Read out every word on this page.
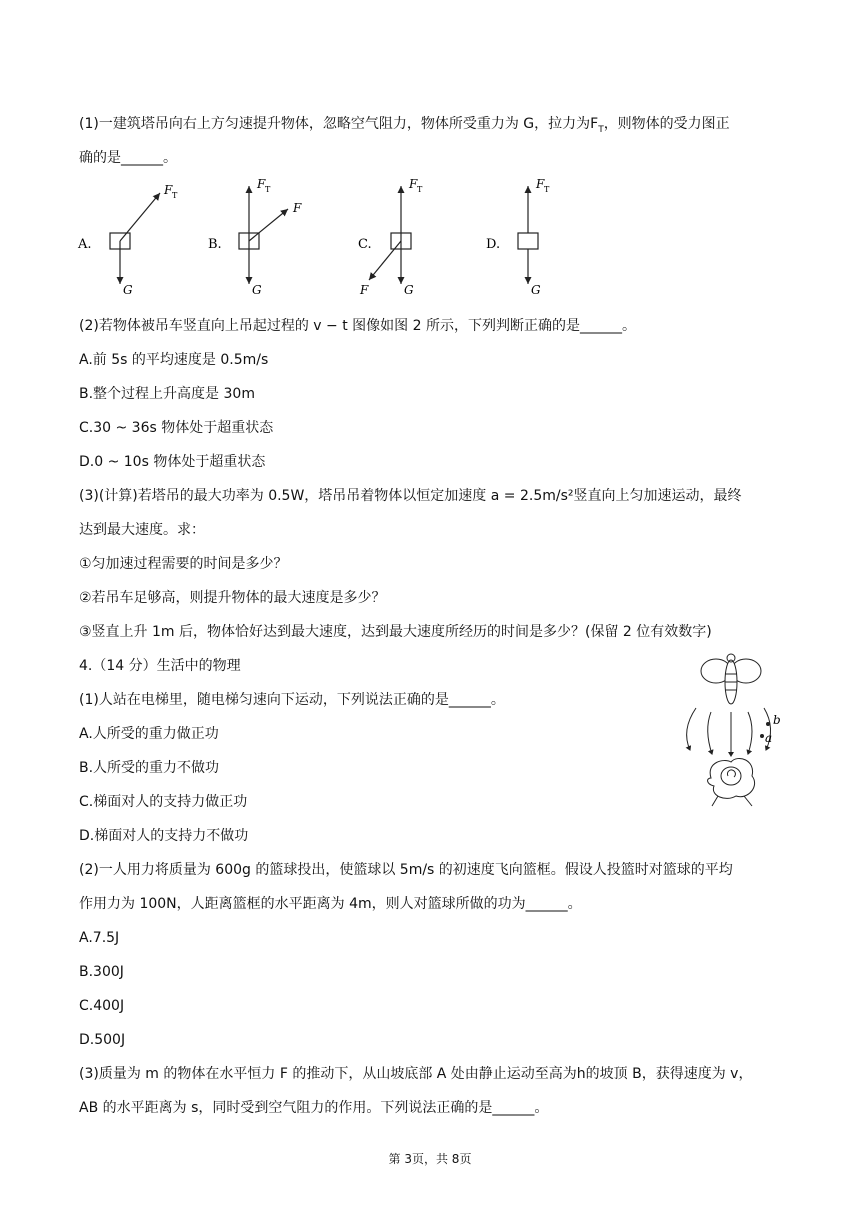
(1)一建筑塔吊向右上方匀速提升物体，忽略空气阻力，物体所受重力为 G，拉力为$F_T$，则物体的受力图正
确的是______。
A.
F T
G
B.
F T
F
G
C.
F T
F	G
D.
F T
G
(2)若物体被吊车竖直向上吊起过程的 v − t 图像如图 2 所示，下列判断正确的是______。
A.前 5s 的平均速度是 0.5m/s
B.整个过程上升高度是 30m
C.30 ~ 36s 物体处于超重状态
D.0 ~ 10s 物体处于超重状态
(3)(计算)若塔吊的最大功率为 0.5W，塔吊吊着物体以恒定加速度 a = 2.5m/s²竖直向上匀加速运动，最终
达到最大速度。求：
①匀加速过程需要的时间是多少？
②若吊车足够高，则提升物体的最大速度是多少？
③竖直上升 1m 后，物体恰好达到最大速度，达到最大速度所经历的时间是多少？(保留 2 位有效数字)
4.（14 分）生活中的物理
(1)人站在电梯里，随电梯匀速向下运动，下列说法正确的是______。
A.人所受的重力做正功
B.人所受的重力不做功
C.梯面对人的支持力做正功
D.梯面对人的支持力不做功
b
a
(2)一人用力将质量为 600g 的篮球投出，使篮球以 5m/s 的初速度飞向篮框。假设人投篮时对篮球的平均
作用力为 100N，人距离篮框的水平距离为 4m，则人对篮球所做的功为______。
A.7.5J
B.300J
C.400J
D.500J
(3)质量为 m 的物体在水平恒力 F 的推动下，从山坡底部 A 处由静止运动至高为h的坡顶 B，获得速度为 v，
AB 的水平距离为 s，同时受到空气阻力的作用。下列说法正确的是______。
第 3页，共 8页
